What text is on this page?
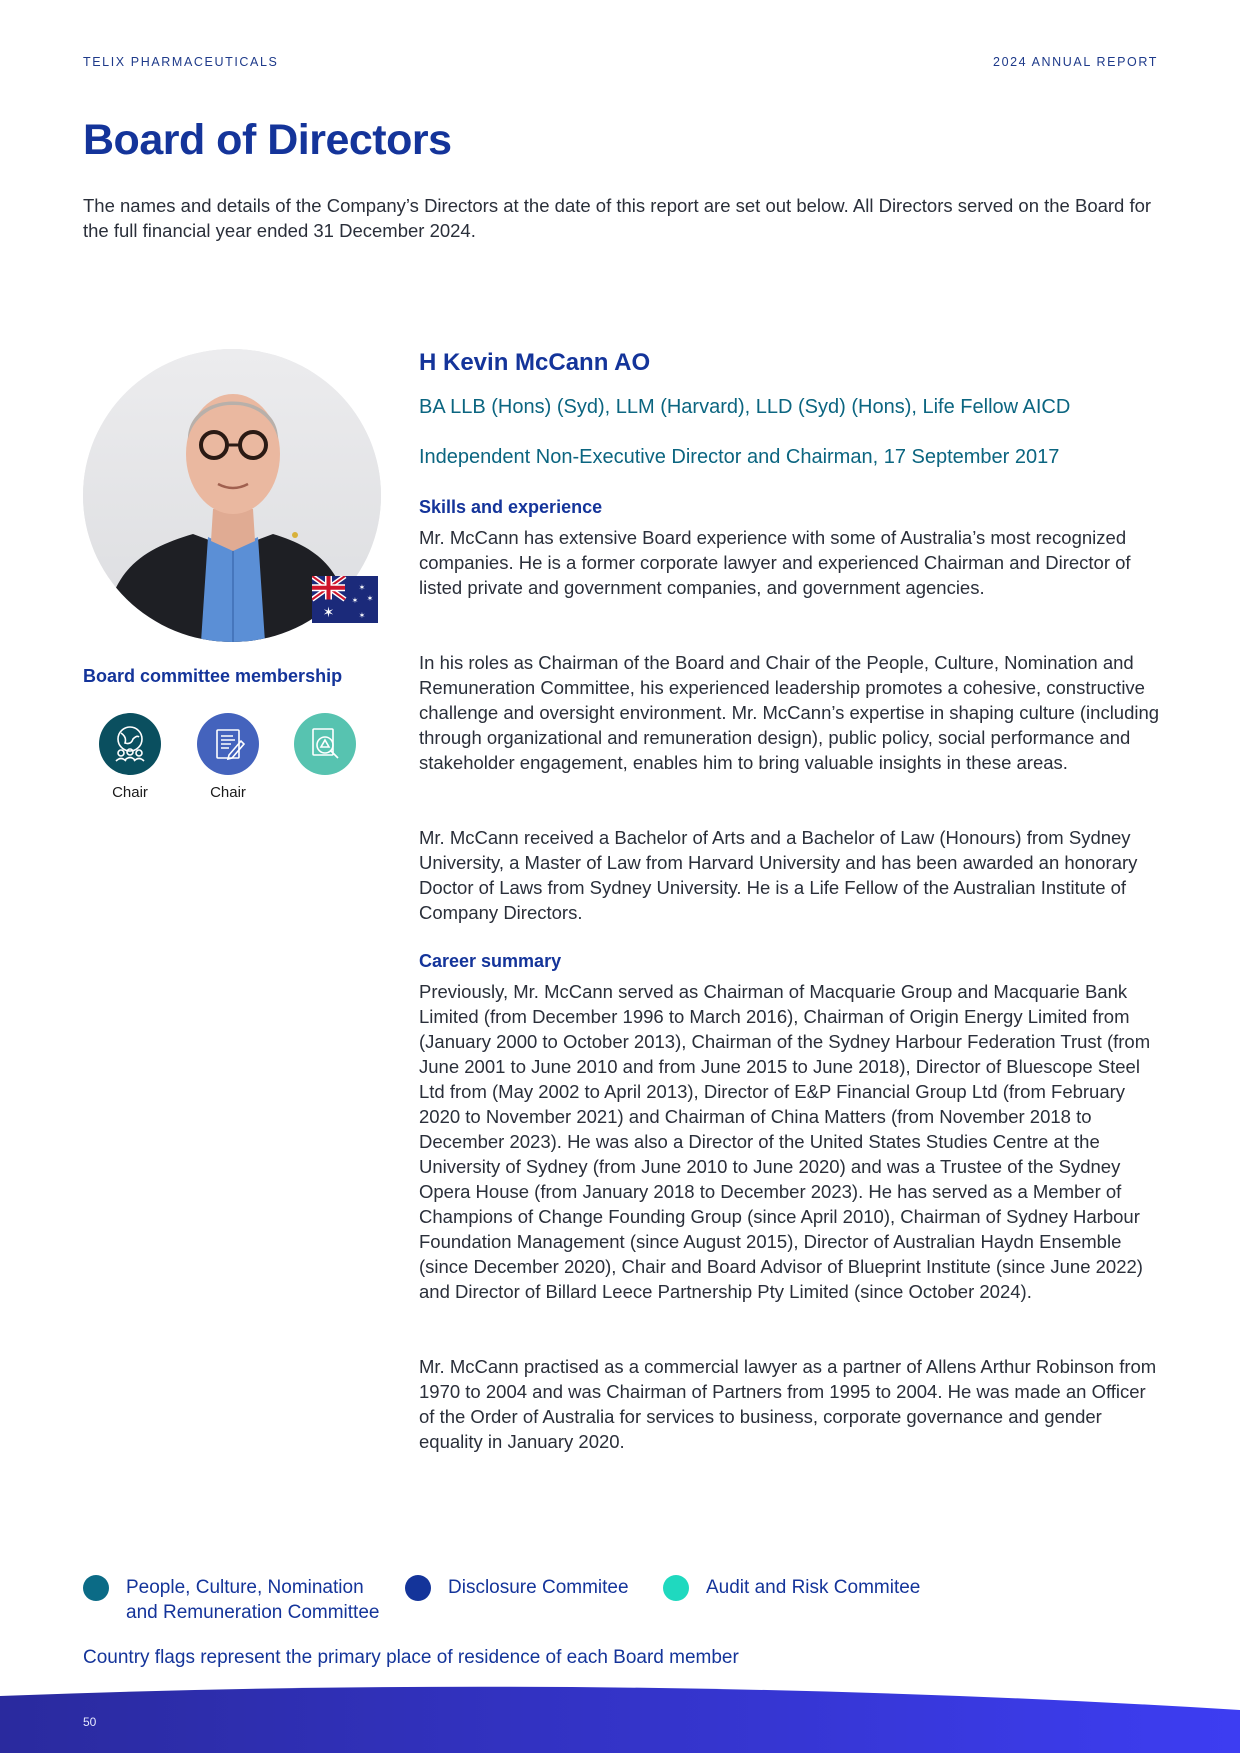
TELIX PHARMACEUTICALS	2024 ANNUAL REPORT
Board of Directors

The names and details of the Company’s Directors at the date of this report are set out below. All Directors served on the Board for the full financial year ended 31 December 2024.

✶
✶
✶ ✶
✶

Board committee membership

Chair	Chair
H Kevin McCann AO

BA LLB (Hons) (Syd), LLM (Harvard), LLD (Syd) (Hons), Life Fellow AICD

Independent Non-Executive Director and Chairman, 17 September 2017

Skills and experience

Mr. McCann has extensive Board experience with some of Australia’s most recognized companies. He is a former corporate lawyer and experienced Chairman and Director of listed private and government companies, and government agencies.

In his roles as Chairman of the Board and Chair of the People, Culture, Nomination and Remuneration Committee, his experienced leadership promotes a cohesive, constructive challenge and oversight environment. Mr. McCann’s expertise in shaping culture (including through organizational and remuneration design), public policy, social performance and stakeholder engagement, enables him to bring valuable insights in these areas.

Mr. McCann received a Bachelor of Arts and a Bachelor of Law (Honours) from Sydney University, a Master of Law from Harvard University and has been awarded an honorary Doctor of Laws from Sydney University. He is a Life Fellow of the Australian Institute of Company Directors.

Career summary

Previously, Mr. McCann served as Chairman of Macquarie Group and Macquarie Bank Limited (from December 1996 to March 2016), Chairman of Origin Energy Limited from (January 2000 to October 2013), Chairman of the Sydney Harbour Federation Trust (from June 2001 to June 2010 and from June 2015 to June 2018), Director of Bluescope Steel Ltd from (May 2002 to April 2013), Director of E&P Financial Group Ltd (from February 2020 to November 2021) and Chairman of China Matters (from November 2018 to December 2023). He was also a Director of the United States Studies Centre at the University of Sydney (from June 2010 to June 2020) and was a Trustee of the Sydney Opera House (from January 2018 to December 2023). He has served as a Member of Champions of Change Founding Group (since April 2010), Chairman of Sydney Harbour Foundation Management (since August 2015), Director of Australian Haydn Ensemble (since December 2020), Chair and Board Advisor of Blueprint Institute (since June 2022) and Director of Billard Leece Partnership Pty Limited (since October 2024).

Mr. McCann practised as a commercial lawyer as a partner of Allens Arthur Robinson from 1970 to 2004 and was Chairman of Partners from 1995 to 2004. He was made an Officer of the Order of Australia for services to business, corporate governance and gender equality in January 2020.

People, Culture, Nomination and Remuneration Committee

Disclosure Commitee	Audit and Risk Commitee

Country flags represent the primary place of residence of each Board member

50
